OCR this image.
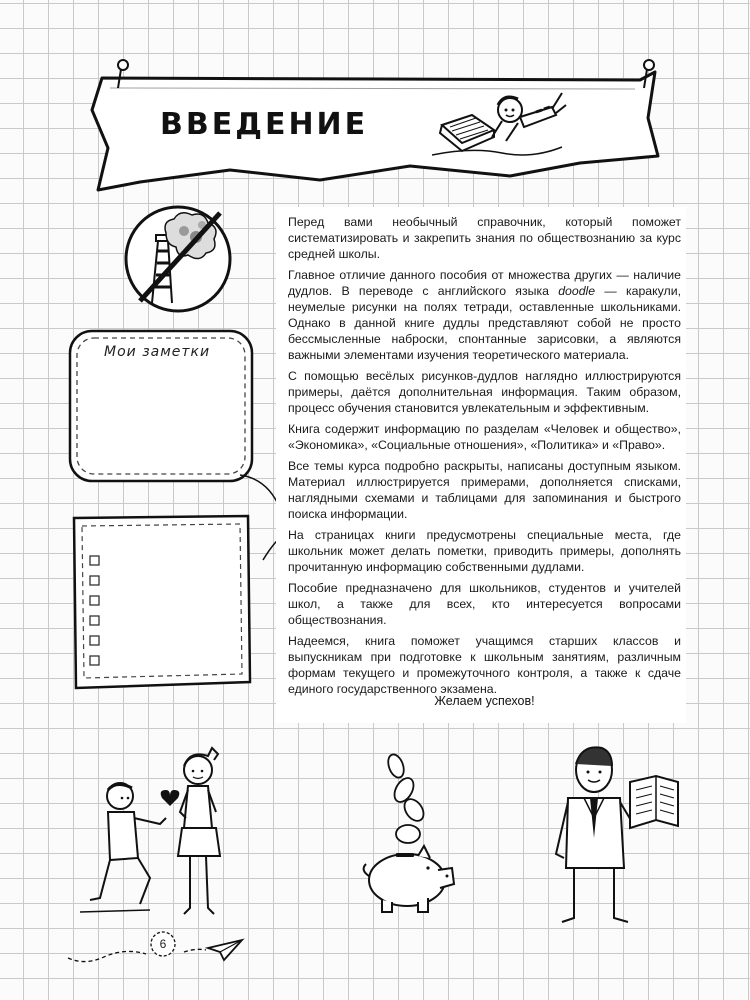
ВВЕДЕНИЕ
Мои заметки

Перед вами необычный справочник, который поможет систематизировать и закрепить знания по обществознанию за курс средней школы.

Главное отличие данного пособия от множества других — наличие дудлов. В переводе с английского языка doodle — каракули, неумелые рисунки на полях тетради, оставленные школьниками. Однако в данной книге дудлы представляют собой не просто бессмысленные наброски, спонтанные зарисовки, а являются важными элементами изучения теоретического материала.

С помощью весёлых рисунков-дудлов наглядно иллюстрируются примеры, даётся дополнительная информация. Таким образом, процесс обучения становится увлекательным и эффективным.

Книга содержит информацию по разделам «Человек и общество», «Экономика», «Социальные отношения», «Политика» и «Право».

Все темы курса подробно раскрыты, написаны доступным языком. Материал иллюстрируется примерами, дополняется списками, наглядными схемами и таблицами для запоминания и быстрого поиска информации.

На страницах книги предусмотрены специальные места, где школьник может делать пометки, приводить примеры, дополнять прочитанную информацию собственными дудлами.

Пособие предназначено для школьников, студентов и учителей школ, а также для всех, кто интересуется вопросами обществознания.

Надеемся, книга поможет учащимся старших классов и выпускникам при подготовке к школьным занятиям, различным формам текущего и промежуточного контроля, а также к сдаче единого государственного экзамена.

Желаем успехов!
6
